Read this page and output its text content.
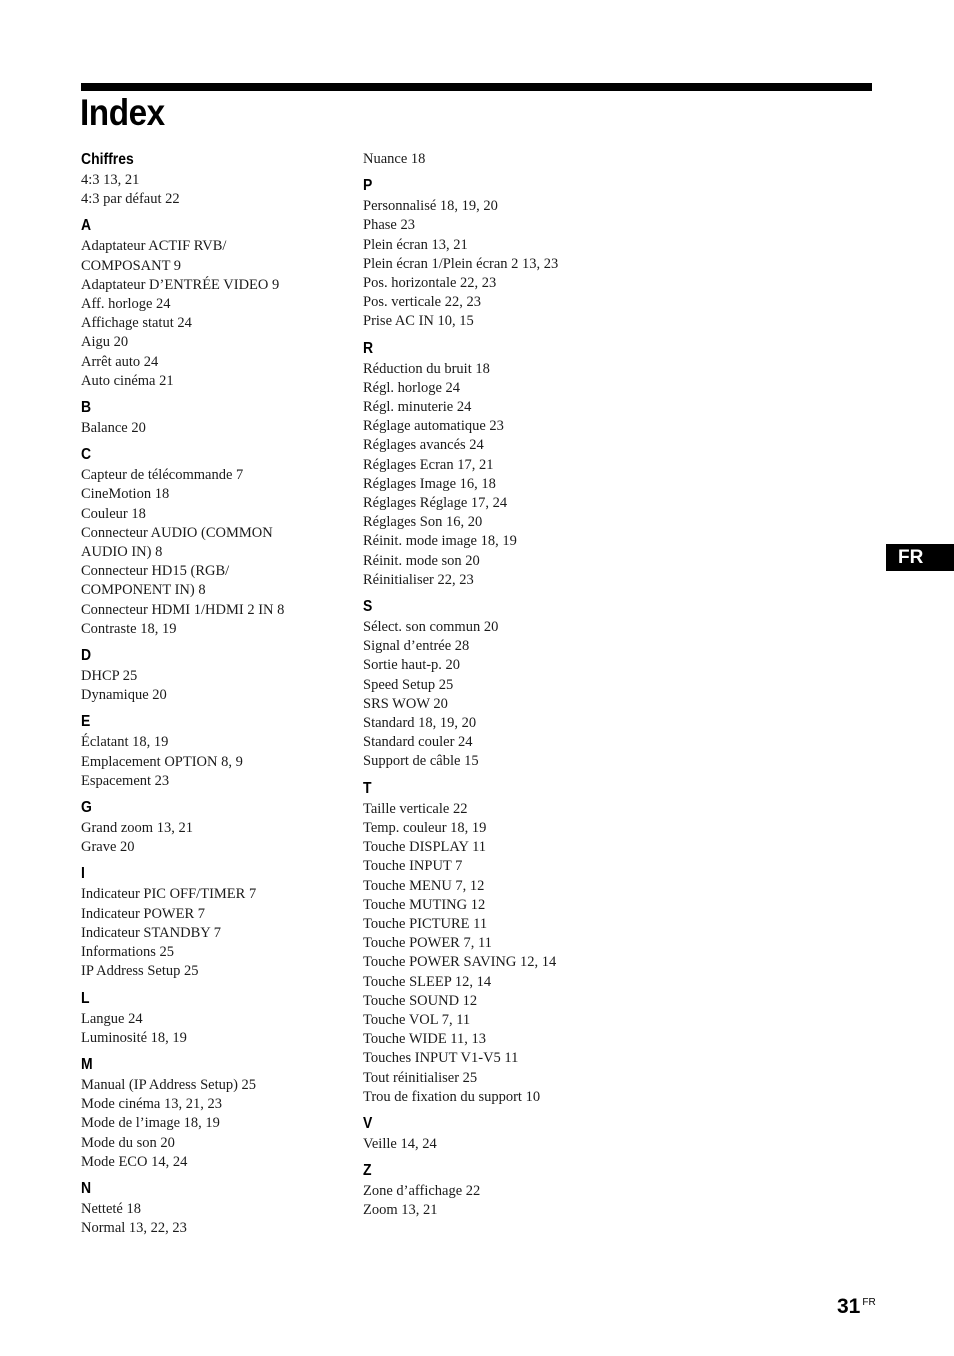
Index
Chiffres
4:3 13, 21
4:3 par défaut 22
A
Adaptateur ACTIF RVB/
COMPOSANT 9
Adaptateur D’ENTRÉE VIDEO 9
Aff. horloge 24
Affichage statut 24
Aigu 20
Arrêt auto 24
Auto cinéma 21
B
Balance 20
C
Capteur de télécommande 7
CineMotion 18
Couleur 18
Connecteur AUDIO (COMMON
AUDIO IN) 8
Connecteur HD15 (RGB/
COMPONENT IN) 8
Connecteur HDMI 1/HDMI 2 IN 8
Contraste 18, 19
D
DHCP 25
Dynamique 20
E
Éclatant 18, 19
Emplacement OPTION 8, 9
Espacement 23
G
Grand zoom 13, 21
Grave 20
I
Indicateur PIC OFF/TIMER 7
Indicateur POWER 7
Indicateur STANDBY 7
Informations 25
IP Address Setup 25
L
Langue 24
Luminosité 18, 19
M
Manual (IP Address Setup) 25
Mode cinéma 13, 21, 23
Mode de l’image 18, 19
Mode du son 20
Mode ECO 14, 24
N
Netteté 18
Normal 13, 22, 23
Nuance 18
P
Personnalisé 18, 19, 20
Phase 23
Plein écran 13, 21
Plein écran 1/Plein écran 2 13, 23
Pos. horizontale 22, 23
Pos. verticale 22, 23
Prise AC IN 10, 15
R
Réduction du bruit 18
Régl. horloge 24
Régl. minuterie 24
Réglage automatique 23
Réglages avancés 24
Réglages Ecran 17, 21
Réglages Image 16, 18
Réglages Réglage 17, 24
Réglages Son 16, 20
Réinit. mode image 18, 19
Réinit. mode son 20
Réinitialiser 22, 23
S
Sélect. son commun 20
Signal d’entrée 28
Sortie haut-p. 20
Speed Setup 25
SRS WOW 20
Standard 18, 19, 20
Standard couler 24
Support de câble 15
T
Taille verticale 22
Temp. couleur 18, 19
Touche DISPLAY 11
Touche INPUT 7
Touche MENU 7, 12
Touche MUTING 12
Touche PICTURE 11
Touche POWER 7, 11
Touche POWER SAVING 12, 14
Touche SLEEP 12, 14
Touche SOUND 12
Touche VOL 7, 11
Touche WIDE 11, 13
Touches INPUT V1-V5 11
Tout réinitialiser 25
Trou de fixation du support 10
V
Veille 14, 24
Z
Zone d’affichage 22
Zoom 13, 21
FR
31 $^{FR}$
